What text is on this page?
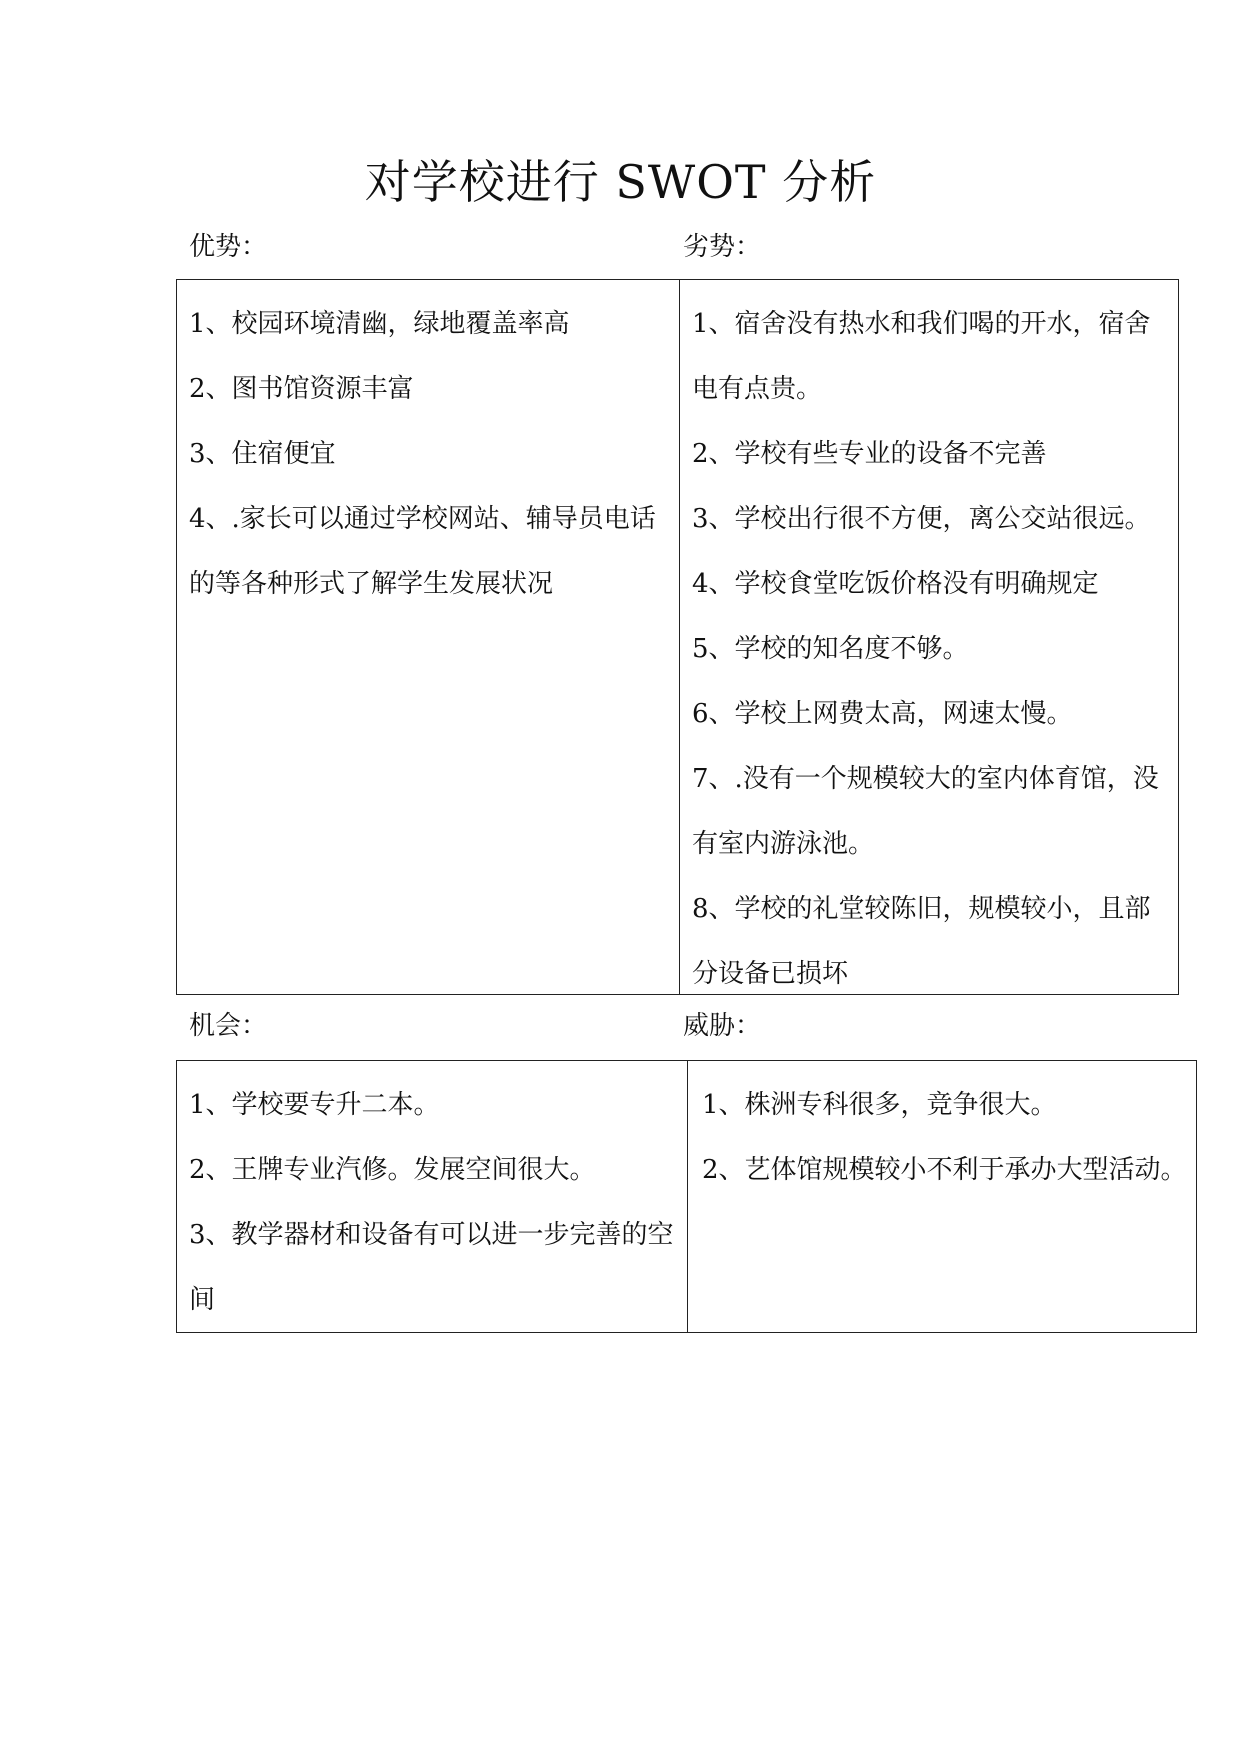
对学校进行 SWOT 分析
优势：	劣势：
1、校园环境清幽，绿地覆盖率高
2、图书馆资源丰富
3、住宿便宜
4、.家长可以通过学校网站、辅导员电话的等各种形式了解学生发展状况
1、宿舍没有热水和我们喝的开水，宿舍电有点贵。
2、学校有些专业的设备不完善
3、学校出行很不方便，离公交站很远。
4、学校食堂吃饭价格没有明确规定
5、学校的知名度不够。
6、学校上网费太高，网速太慢。
7、.没有一个规模较大的室内体育馆，没有室内游泳池。
8、学校的礼堂较陈旧，规模较小，且部分设备已损坏
机会：	威胁：
1、学校要专升二本。
2、王牌专业汽修。发展空间很大。
3、教学器材和设备有可以进一步完善的空间
1、株洲专科很多，竞争很大。
2、艺体馆规模较小不利于承办大型活动。
